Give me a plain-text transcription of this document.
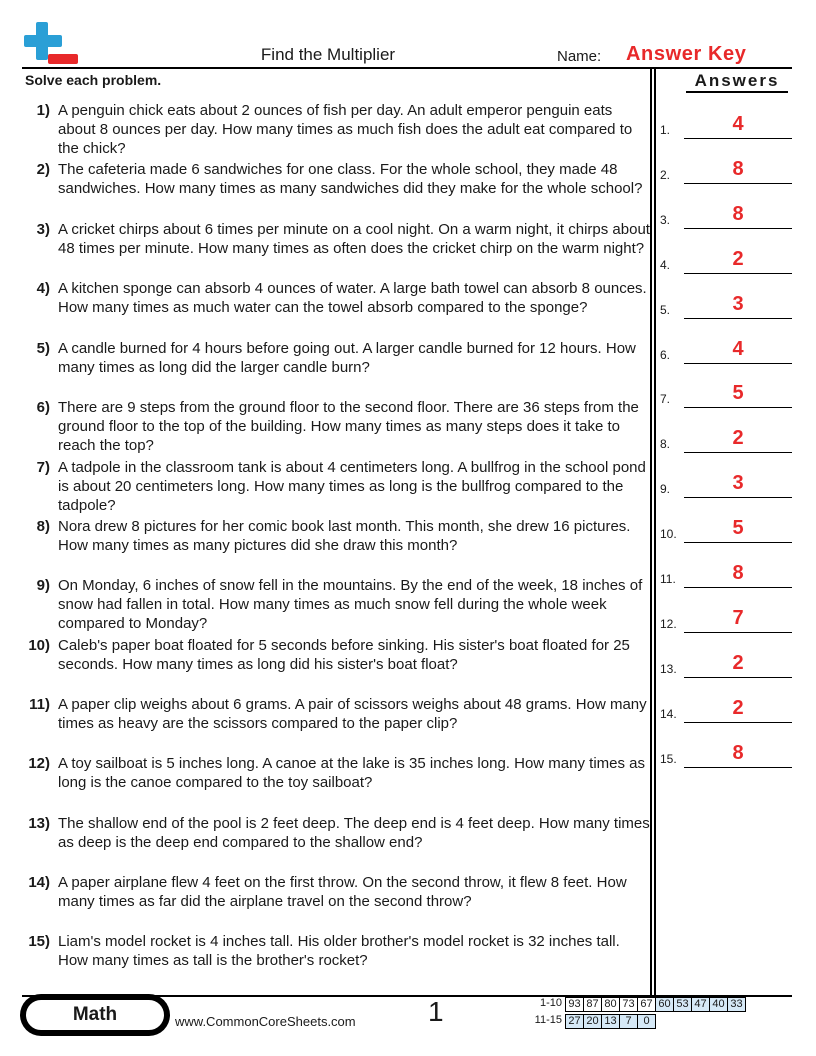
Find the Multiplier	Name: Answer Key
Solve each problem.	Answers
1) A penguin chick eats about 2 ounces of fish per day. An adult emperor penguin eats about 8 ounces per day. How many times as much fish does the adult eat compared to the chick?
2) The cafeteria made 6 sandwiches for one class. For the whole school, they made 48 sandwiches. How many times as many sandwiches did they make for the whole school?
3) A cricket chirps about 6 times per minute on a cool night. On a warm night, it chirps about 48 times per minute. How many times as often does the cricket chirp on the warm night?
4) A kitchen sponge can absorb 4 ounces of water. A large bath towel can absorb 8 ounces. How many times as much water can the towel absorb compared to the sponge?
5) A candle burned for 4 hours before going out. A larger candle burned for 12 hours. How many times as long did the larger candle burn?
6) There are 9 steps from the ground floor to the second floor. There are 36 steps from the ground floor to the top of the building. How many times as many steps does it take to reach the top?
7) A tadpole in the classroom tank is about 4 centimeters long. A bullfrog in the school pond is about 20 centimeters long. How many times as long is the bullfrog compared to the tadpole?
8) Nora drew 8 pictures for her comic book last month. This month, she drew 16 pictures. How many times as many pictures did she draw this month?
9) On Monday, 6 inches of snow fell in the mountains. By the end of the week, 18 inches of snow had fallen in total. How many times as much snow fell during the whole week compared to Monday?
10) Caleb's paper boat floated for 5 seconds before sinking. His sister's boat floated for 25 seconds. How many times as long did his sister's boat float?
11) A paper clip weighs about 6 grams. A pair of scissors weighs about 48 grams. How many times as heavy are the scissors compared to the paper clip?
12) A toy sailboat is 5 inches long. A canoe at the lake is 35 inches long. How many times as long is the canoe compared to the toy sailboat?
13) The shallow end of the pool is 2 feet deep. The deep end is 4 feet deep. How many times as deep is the deep end compared to the shallow end?
14) A paper airplane flew 4 feet on the first throw. On the second throw, it flew 8 feet. How many times as far did the airplane travel on the second throw?
15) Liam's model rocket is 4 inches tall. His older brother's model rocket is 32 inches tall. How many times as tall is the brother's rocket?
1.	4
2.	8
3.	8
4.	2
5.	3
6.	4
7.	5
8.	2
9.	3
10.	5
11.	8
12.	7
13.	2
14.	2
15.	8
Math	www.CommonCoreSheets.com	1	1-10 93	87	80	73	67	60	53	47	40	33
11-15 27	20	13	7	0
